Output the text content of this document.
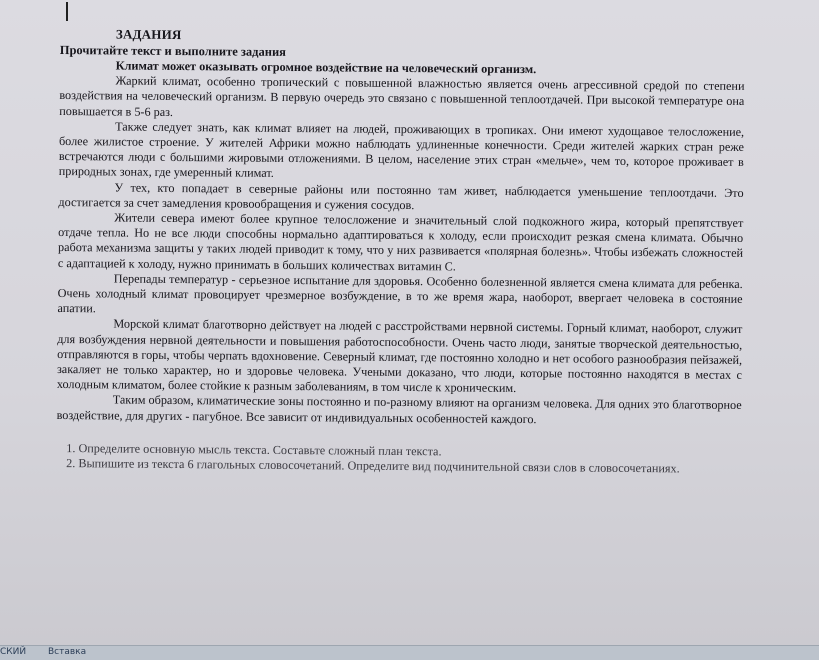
ЗАДАНИЯ

Прочитайте текст и выполните задания

Климат может оказывать огромное воздействие на человеческий организм.

Жаркий климат, особенно тропический с повышенной влажностью является очень агрессивной средой по степени воздействия на человеческий организм. В первую очередь это связано с повышенной теплоотдачей. При высокой температуре она повышается в 5-6 раз.

Также следует знать, как климат влияет на людей, проживающих в тропиках. Они имеют худощавое телосложение, более жилистое строение. У жителей Африки можно наблюдать удлиненные конечности. Среди жителей жарких стран реже встречаются люди с большими жировыми отложениями. В целом, население этих стран «мельче», чем то, которое проживает в природных зонах, где умеренный климат.

У тех, кто попадает в северные районы или постоянно там живет, наблюдается уменьшение теплоотдачи. Это достигается за счет замедления кровообращения и сужения сосудов.

Жители севера имеют более крупное телосложение и значительный слой подкожного жира, который препятствует отдаче тепла. Но не все люди способны нормально адаптироваться к холоду, если происходит резкая смена климата. Обычно работа механизма защиты у таких людей приводит к тому, что у них развивается «полярная болезнь». Чтобы избежать сложностей с адаптацией к холоду, нужно принимать в больших количествах витамин С.

Перепады температур - серьезное испытание для здоровья. Особенно болезненной является смена климата для ребенка. Очень холодный климат провоцирует чрезмерное возбуждение, в то же время жара, наоборот, ввергает человека в состояние апатии.

Морской климат благотворно действует на людей с расстройствами нервной системы. Горный климат, наоборот, служит для возбуждения нервной деятельности и повышения работоспособности. Очень часто люди, занятые творческой деятельностью, отправляются в горы, чтобы черпать вдохновение. Северный климат, где постоянно холодно и нет особого разнообразия пейзажей, закаляет не только характер, но и здоровье человека. Учеными доказано, что люди, которые постоянно находятся в местах с холодным климатом, более стойкие к разным заболеваниям, в том числе к хроническим.

Таким образом, климатические зоны постоянно и по-разному влияют на организм человека. Для одних это благотворное воздействие, для других - пагубное. Все зависит от индивидуальных особенностей каждого.

1. Определите основную мысль текста. Составьте сложный план текста.

2. Выпишите из текста 6 глагольных словосочетаний. Определите вид подчинительной связи слов в словосочетаниях.

СКИЙ Вставка
